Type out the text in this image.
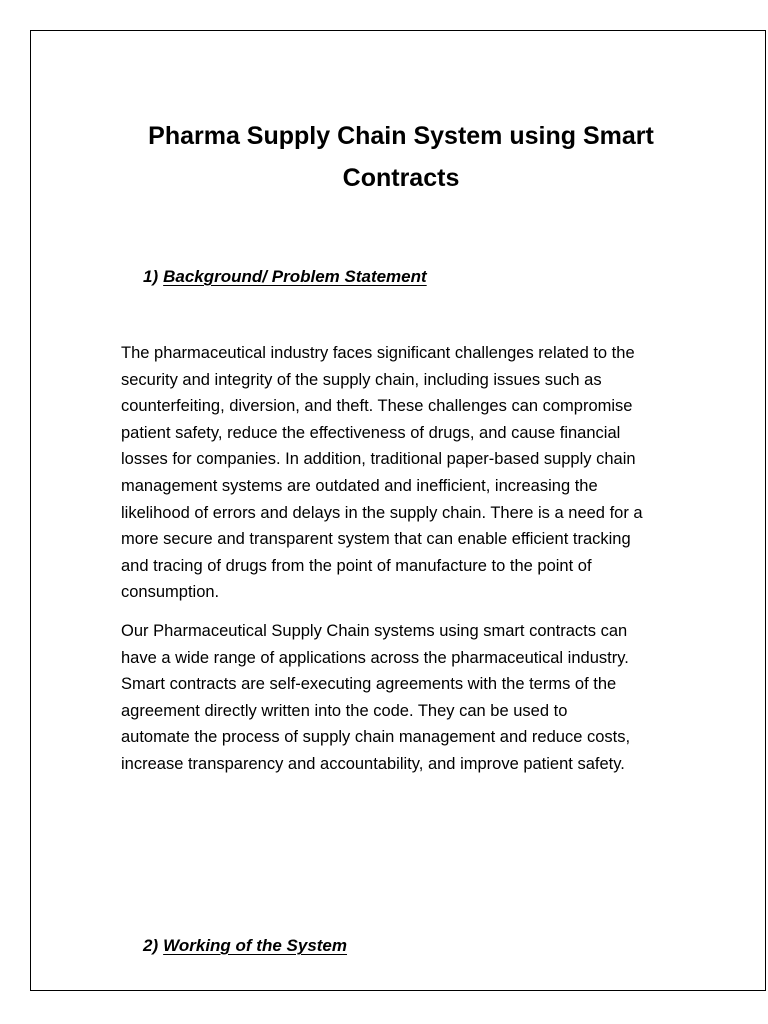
Pharma Supply Chain System using Smart
Contracts
1) Background/ Problem Statement

The pharmaceutical industry faces significant challenges related to the
security and integrity of the supply chain, including issues such as
counterfeiting, diversion, and theft. These challenges can compromise
patient safety, reduce the effectiveness of drugs, and cause financial
losses for companies. In addition, traditional paper-based supply chain
management systems are outdated and inefficient, increasing the
likelihood of errors and delays in the supply chain. There is a need for a
more secure and transparent system that can enable efficient tracking
and tracing of drugs from the point of manufacture to the point of
consumption.

Our Pharmaceutical Supply Chain systems using smart contracts can
have a wide range of applications across the pharmaceutical industry.
Smart contracts are self-executing agreements with the terms of the
agreement directly written into the code. They can be used to
automate the process of supply chain management and reduce costs,
increase transparency and accountability, and improve patient safety.

2) Working of the System
